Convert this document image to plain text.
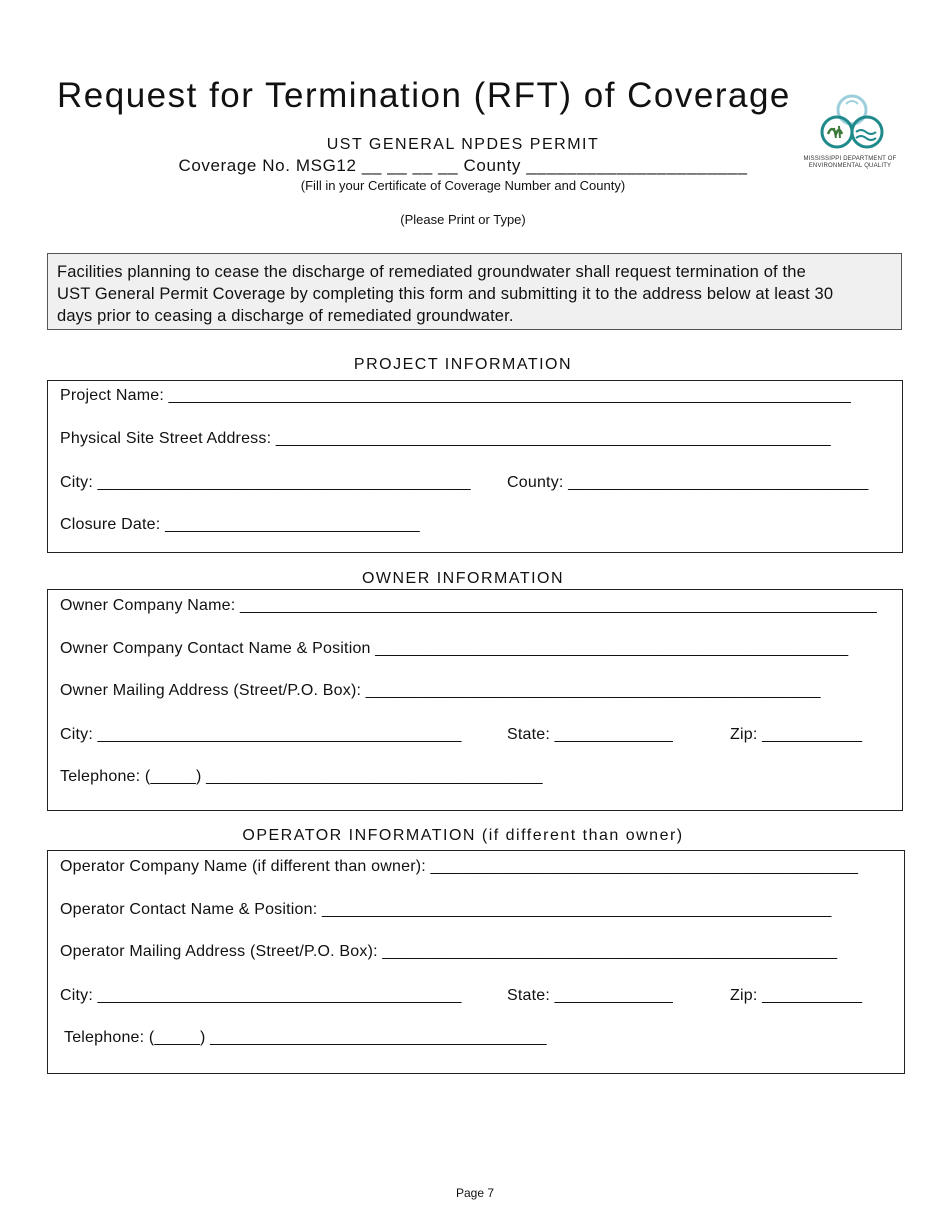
Request for Termination (RFT) of Coverage
MISSISSIPPI DEPARTMENT OF ENVIRONMENTAL QUALITY
UST GENERAL NPDES PERMIT
Coverage No. MSG12 __ __ __ __ County ______________________
(Fill in your Certificate of Coverage Number and County)
(Please Print or Type)
Facilities planning to cease the discharge of remediated groundwater shall request termination of the
UST General Permit Coverage by completing this form and submitting it to the address below at least 30
days prior to ceasing a discharge of remediated groundwater.
PROJECT INFORMATION
Project Name: ___________________________________________________________________________
Physical Site Street Address: _____________________________________________________________
City: _________________________________________ County: _________________________________
Closure Date: ____________________________
OWNER INFORMATION
Owner Company Name: ______________________________________________________________________
Owner Company Contact Name & Position ____________________________________________________
Owner Mailing Address (Street/P.O. Box): __________________________________________________
City: ________________________________________	State: _____________	Zip: ___________
Telephone: (_____) _____________________________________
OPERATOR INFORMATION (if different than owner)
Operator Company Name (if different than owner): _______________________________________________
Operator Contact Name & Position: ________________________________________________________
Operator Mailing Address (Street/P.O. Box): __________________________________________________
City: ________________________________________	State: _____________	Zip: ___________
Telephone: (_____) _____________________________________
Page 7
